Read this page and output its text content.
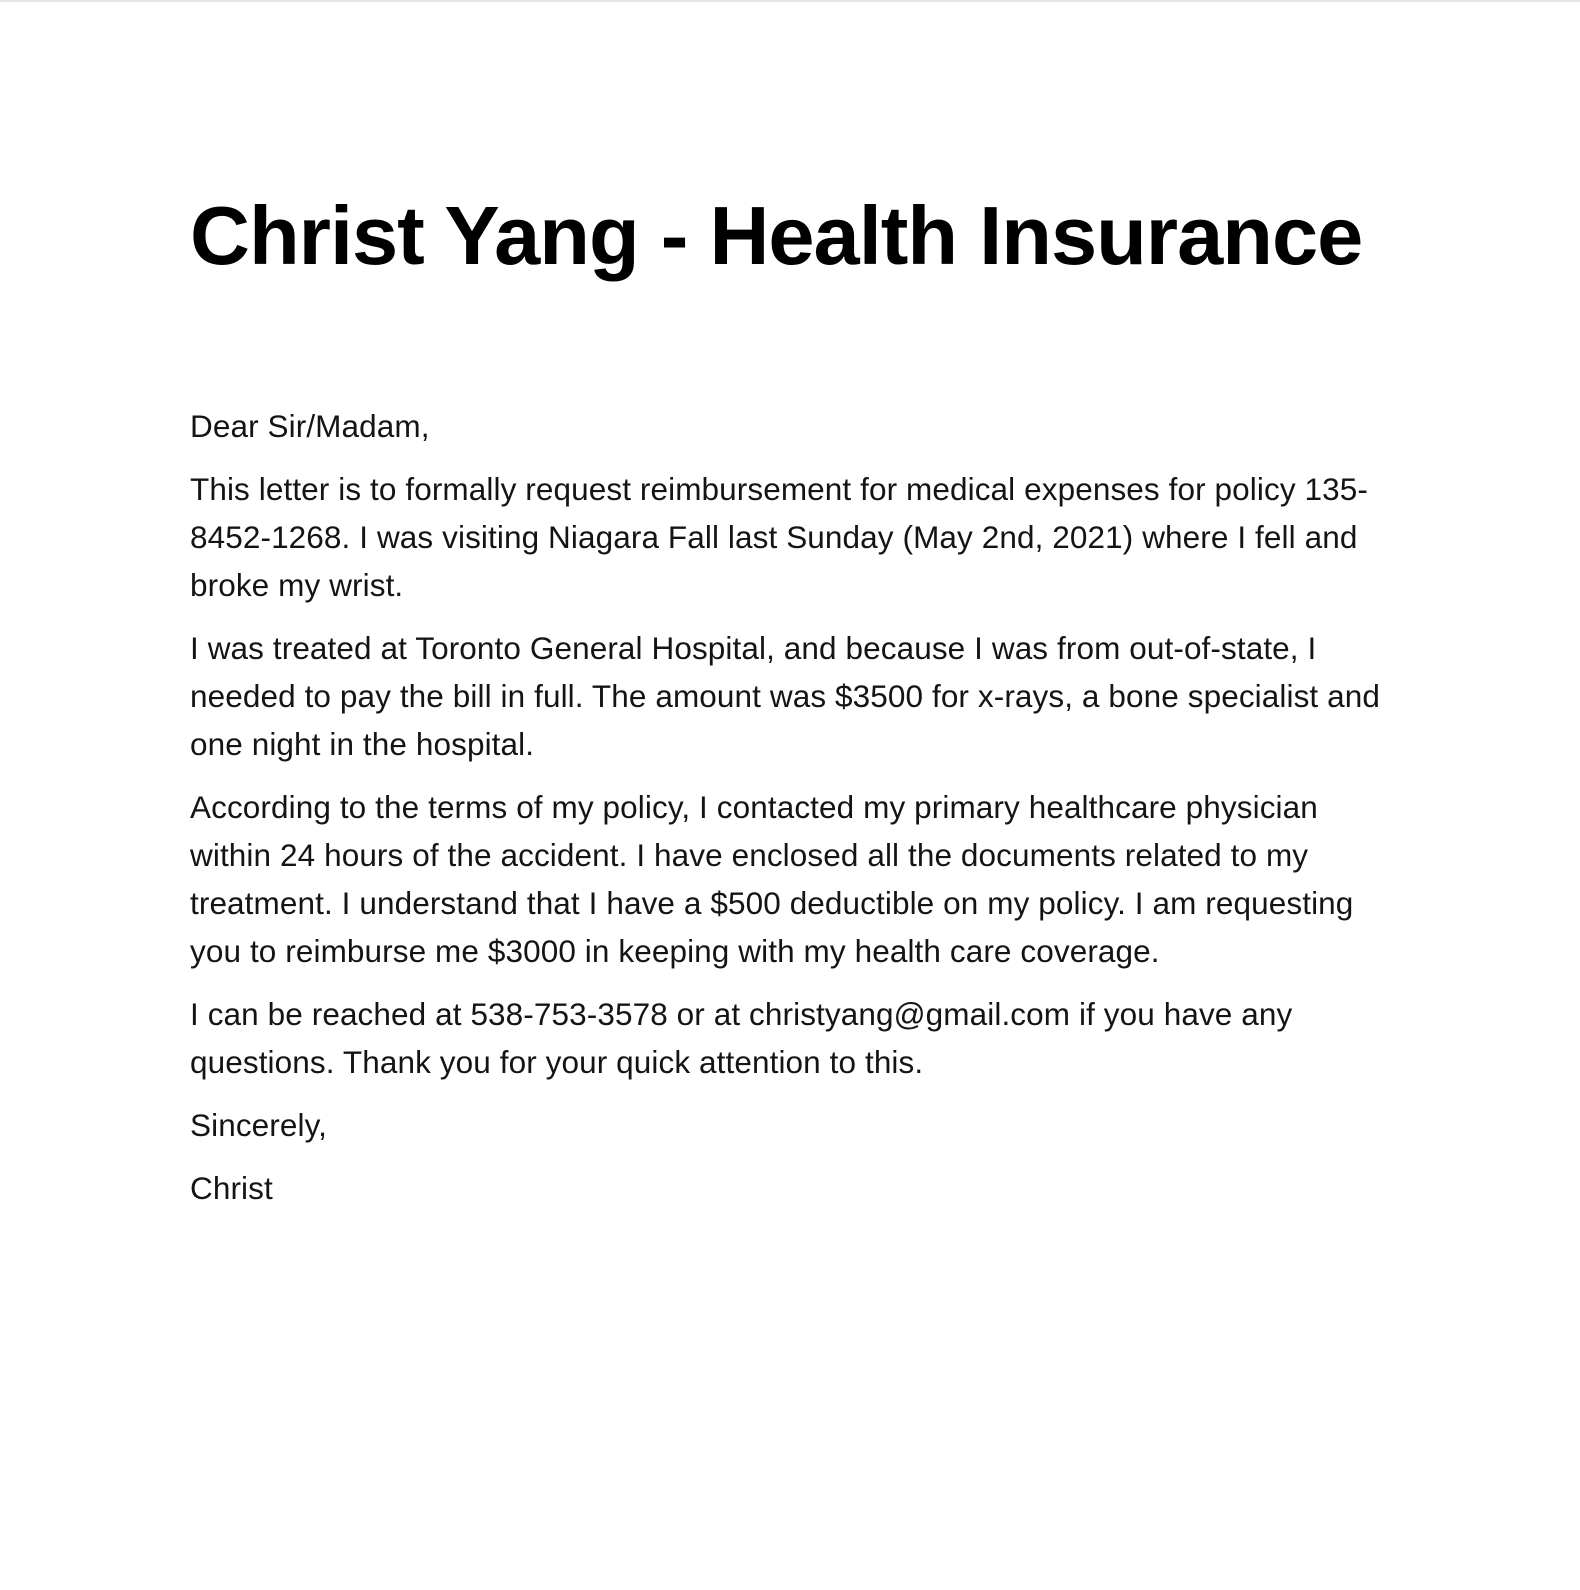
Christ Yang - Health Insurance

Dear Sir/Madam,

This letter is to formally request reimbursement for medical expenses for policy 135-8452-1268. I was visiting Niagara Fall last Sunday (May 2nd, 2021) where I fell and broke my wrist.

I was treated at Toronto General Hospital, and because I was from out-of-state, I needed to pay the bill in full. The amount was $3500 for x-rays, a bone specialist and one night in the hospital.

According to the terms of my policy, I contacted my primary healthcare physician within 24 hours of the accident. I have enclosed all the documents related to my treatment. I understand that I have a $500 deductible on my policy. I am requesting you to reimburse me $3000 in keeping with my health care coverage.

I can be reached at 538-753-3578 or at christyang@gmail.com if you have any questions. Thank you for your quick attention to this.

Sincerely,

Christ
